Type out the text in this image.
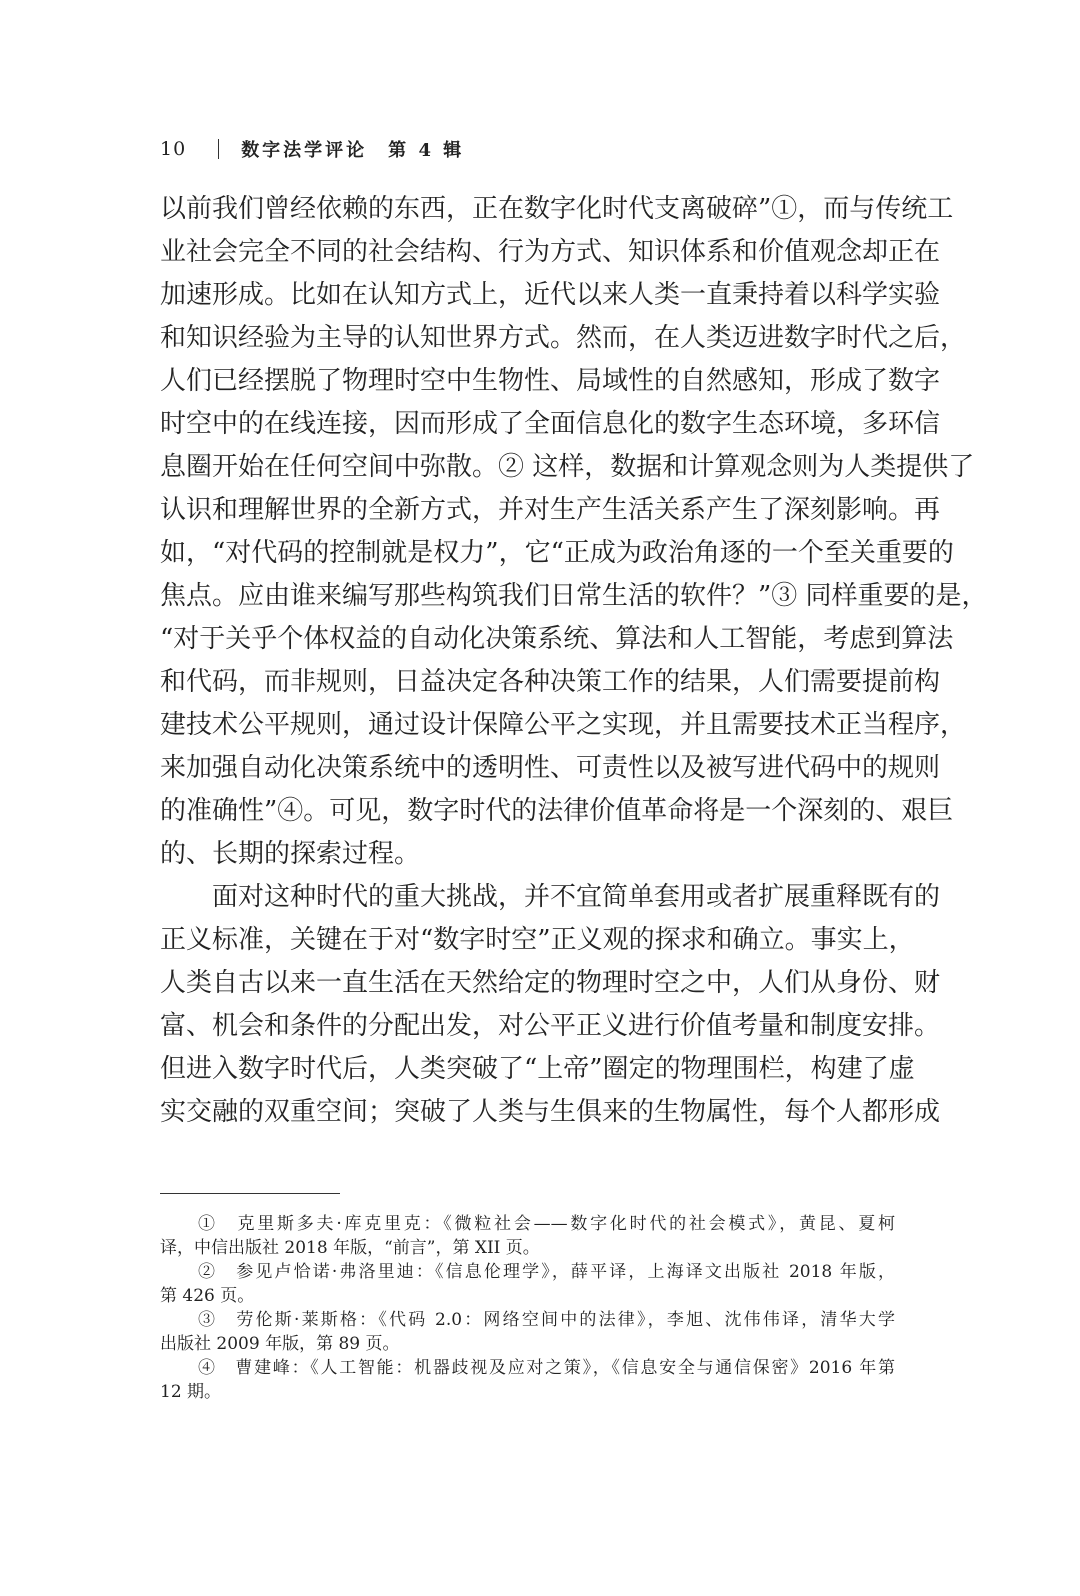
10	数字法学评论　第 4 辑
以前我们曾经依赖的东西，正在数字化时代支离破碎”①，而与传统工
业社会完全不同的社会结构、行为方式、知识体系和价值观念却正在
加速形成。比如在认知方式上，近代以来人类一直秉持着以科学实验
和知识经验为主导的认知世界方式。然而，在人类迈进数字时代之后，
人们已经摆脱了物理时空中生物性、局域性的自然感知，形成了数字
时空中的在线连接，因而形成了全面信息化的数字生态环境，多环信
息圈开始在任何空间中弥散。② 这样，数据和计算观念则为人类提供了
认识和理解世界的全新方式，并对生产生活关系产生了深刻影响。再
如，“对代码的控制就是权力”，它“正成为政治角逐的一个至关重要的
焦点。应由谁来编写那些构筑我们日常生活的软件？”③ 同样重要的是，
“对于关乎个体权益的自动化决策系统、算法和人工智能，考虑到算法
和代码，而非规则，日益决定各种决策工作的结果，人们需要提前构
建技术公平规则，通过设计保障公平之实现，并且需要技术正当程序，
来加强自动化决策系统中的透明性、可责性以及被写进代码中的规则
的准确性”④。可见，数字时代的法律价值革命将是一个深刻的、艰巨
的、长期的探索过程。
面对这种时代的重大挑战，并不宜简单套用或者扩展重释既有的
正义标准，关键在于对“数字时空”正义观的探求和确立。事实上，
人类自古以来一直生活在天然给定的物理时空之中，人们从身份、财
富、机会和条件的分配出发，对公平正义进行价值考量和制度安排。
但进入数字时代后，人类突破了“上帝”圈定的物理围栏，构建了虚
实交融的双重空间；突破了人类与生俱来的生物属性，每个人都形成
①　克里斯多夫·库克里克：《微粒社会——数字化时代的社会模式》，黄昆、夏柯
译，中信出版社 2018 年版，“前言”，第 XII 页。
②　参见卢恰诺·弗洛里迪：《信息伦理学》，薛平译，上海译文出版社 2018 年版，
第 426 页。
③　劳伦斯·莱斯格：《代码 2.0：网络空间中的法律》，李旭、沈伟伟译，清华大学
出版社 2009 年版，第 89 页。
④　曹建峰：《人工智能：机器歧视及应对之策》，《信息安全与通信保密》2016 年第
12 期。
